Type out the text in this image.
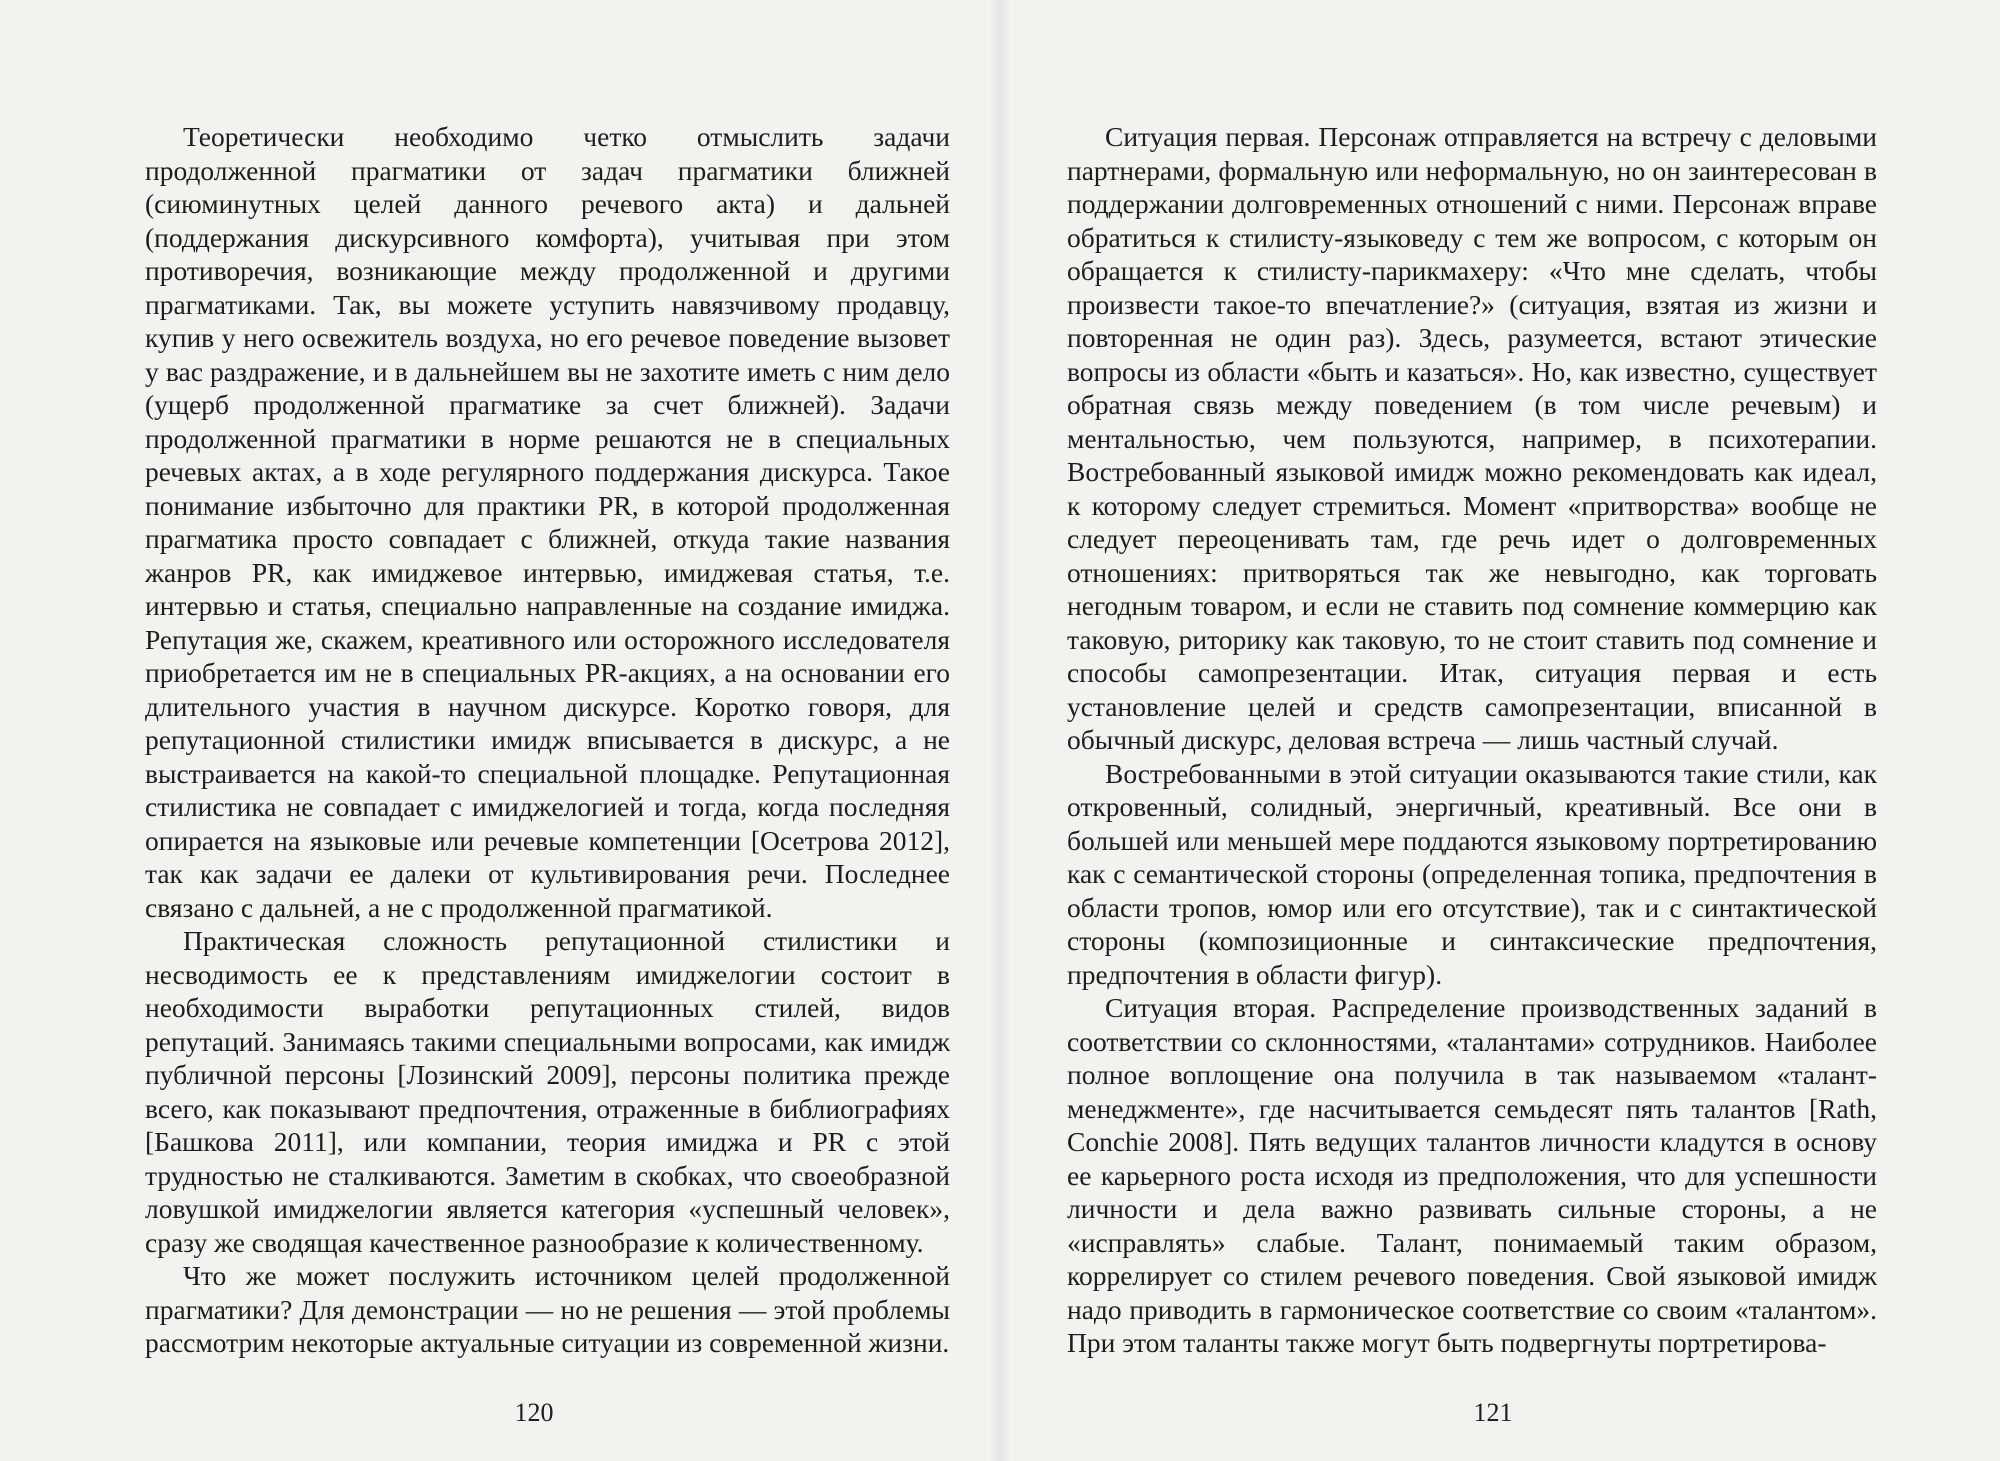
Теоретически необходимо четко отмыслить задачи продолженной прагматики от задач прагматики ближней (сиюминутных целей данного речевого акта) и дальней (поддержания дискурсивного комфорта), учитывая при этом противоречия, возникающие между продолженной и другими прагматиками. Так, вы можете уступить навязчивому продавцу, купив у него освежитель воздуха, но его речевое поведение вызовет у вас раздражение, и в дальнейшем вы не захотите иметь с ним дело (ущерб продолженной прагматике за счет ближней). Задачи продолженной прагматики в норме решаются не в специальных речевых актах, а в ходе регулярного поддержания дискурса. Такое понимание избыточно для практики PR, в которой продолженная прагматика просто совпадает с ближней, откуда такие названия жанров PR, как имиджевое интервью, имиджевая статья, т.е. интервью и статья, специально направленные на создание имиджа. Репутация же, скажем, креативного или осторожного исследователя приобретается им не в специальных PR-акциях, а на основании его длительного участия в научном дискурсе. Коротко говоря, для репутационной стилистики имидж вписывается в дискурс, а не выстраивается на какой-то специальной площадке. Репутационная стилистика не совпадает с имиджелогией и тогда, когда последняя опирается на языковые или речевые компетенции [Осетрова 2012], так как задачи ее далеки от культивирования речи. Последнее связано с дальней, а не с продолженной прагматикой.

Практическая сложность репутационной стилистики и несводимость ее к представлениям имиджелогии состоит в необходимости выработки репутационных стилей, видов репутаций. Занимаясь такими специальными вопросами, как имидж публичной персоны [Лозинский 2009], персоны политика прежде всего, как показывают предпочтения, отраженные в библиографиях [Башкова 2011], или компании, теория имиджа и PR с этой трудностью не сталкиваются. Заметим в скобках, что своеобразной ловушкой имиджелогии является категория «успешный человек», сразу же сводящая качественное разнообразие к количественному.

Что же может послужить источником целей продолженной прагматики? Для демонстрации — но не решения — этой проблемы рассмотрим некоторые актуальные ситуации из современной жизни.

120

Ситуация первая. Персонаж отправляется на встречу с деловыми партнерами, формальную или неформальную, но он заинтересован в поддержании долговременных отношений с ними. Персонаж вправе обратиться к стилисту-языковеду с тем же вопросом, с которым он обращается к стилисту-парикмахеру: «Что мне сделать, чтобы произвести такое-то впечатление?» (ситуация, взятая из жизни и повторенная не один раз). Здесь, разумеется, встают этические вопросы из области «быть и казаться». Но, как известно, существует обратная связь между поведением (в том числе речевым) и ментальностью, чем пользуются, например, в психотерапии. Востребованный языковой имидж можно рекомендовать как идеал, к которому следует стремиться. Момент «притворства» вообще не следует переоценивать там, где речь идет о долговременных отношениях: притворяться так же невыгодно, как торговать негодным товаром, и если не ставить под сомнение коммерцию как таковую, риторику как таковую, то не стоит ставить под сомнение и способы самопрезентации. Итак, ситуация первая и есть установление целей и средств самопрезентации, вписанной в обычный дискурс, деловая встреча — лишь частный случай.

Востребованными в этой ситуации оказываются такие стили, как откровенный, солидный, энергичный, креативный. Все они в большей или меньшей мере поддаются языковому портретированию как с семантической стороны (определенная топика, предпочтения в области тропов, юмор или его отсутствие), так и с синтактической стороны (композиционные и синтаксические предпочтения, предпочтения в области фигур).

Ситуация вторая. Распределение производственных заданий в соответствии со склонностями, «талантами» сотрудников. Наиболее полное воплощение она получила в так называемом «талант-менеджменте», где насчитывается семьдесят пять талантов [Rath, Conchie 2008]. Пять ведущих талантов личности кладутся в основу ее карьерного роста исходя из предположения, что для успешности личности и дела важно развивать сильные стороны, а не «исправлять» слабые. Талант, понимаемый таким образом, коррелирует со стилем речевого поведения. Свой языковой имидж надо приводить в гармоническое соответствие со своим «талантом». При этом таланты также могут быть подвергнуты портретирова-

121
